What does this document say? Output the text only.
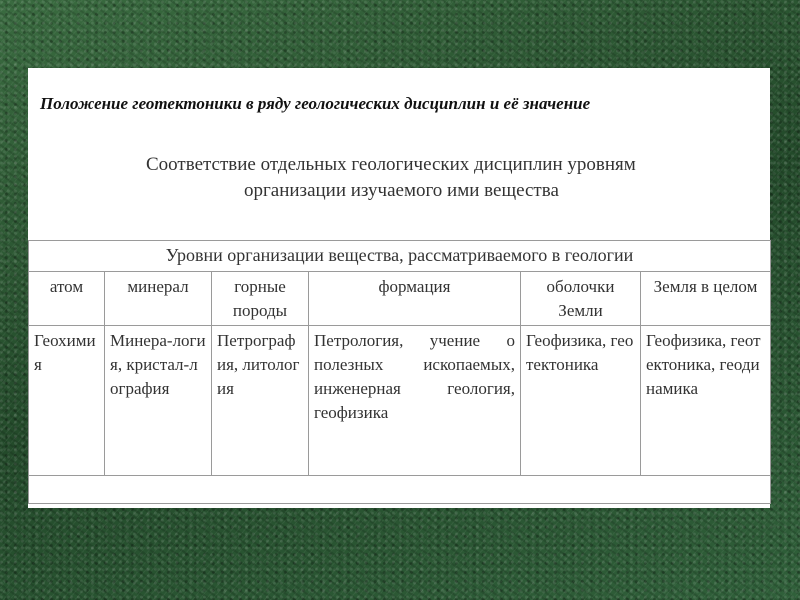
Положение геотектоники в ряду геологических дисциплин и её значение
Соответствие отдельных геологических дисциплин уровням
организации изучаемого ими вещества
Уровни организации вещества, рассматриваемого в геологии					
атом	минерал	горные породы	формация	оболочки Земли	Земля в целом
Геохимия	Минера-логия, кристал-лография	Петрография, литология	Петрология, учение о полезных ископаемых, инженерная геология, геофизика	Геофизика, геотектоника	Геофизика, геотектоника, геодинамика
